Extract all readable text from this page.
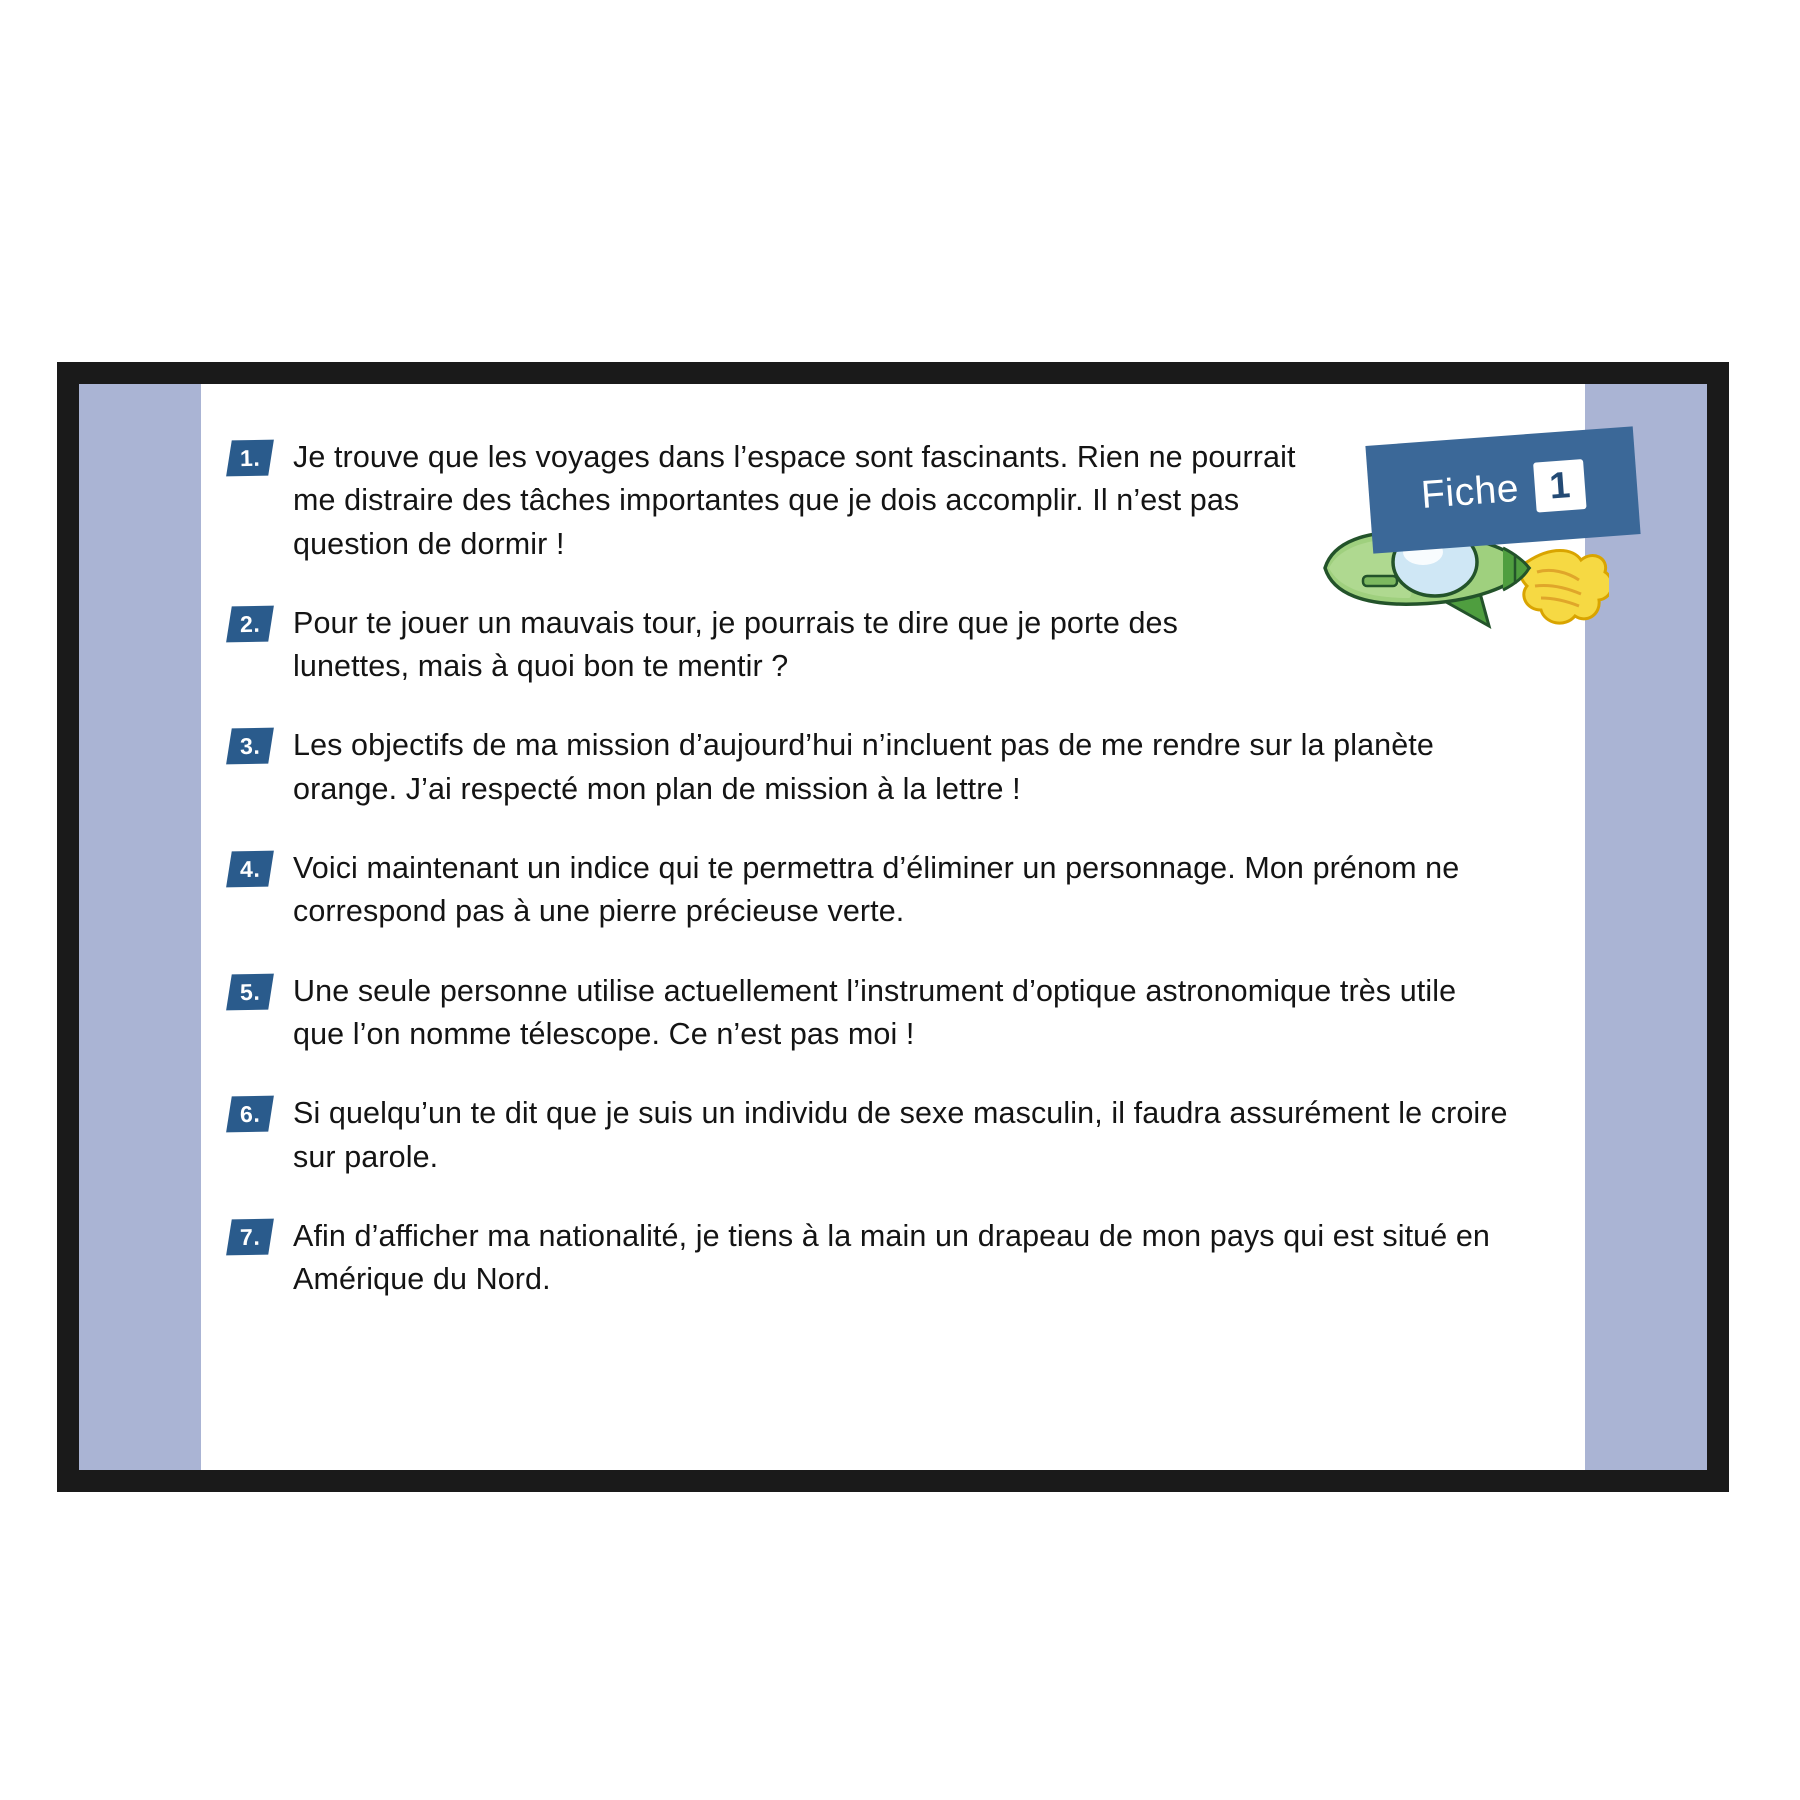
Fiche 1
1.	Je trouve que les voyages dans l’espace sont fascinants. Rien ne pourrait me distraire des tâches importantes que je dois accomplir. Il n’est pas question de dormir !
2.	Pour te jouer un mauvais tour, je pourrais te dire que je porte des lunettes, mais à quoi bon te mentir ?
3.	Les objectifs de ma mission d’aujourd’hui n’incluent pas de me rendre sur la planète orange. J’ai respecté mon plan de mission à la lettre !
4.	Voici maintenant un indice qui te permettra d’éliminer un personnage. Mon prénom ne correspond pas à une pierre précieuse verte.
5.	Une seule personne utilise actuellement l’instrument d’optique astronomique très utile que l’on nomme télescope. Ce n’est pas moi !
6.	Si quelqu’un te dit que je suis un individu de sexe masculin, il faudra assurément le croire sur parole.
7.	Afin d’afficher ma nationalité, je tiens à la main un drapeau de mon pays qui est situé en Amérique du Nord.
